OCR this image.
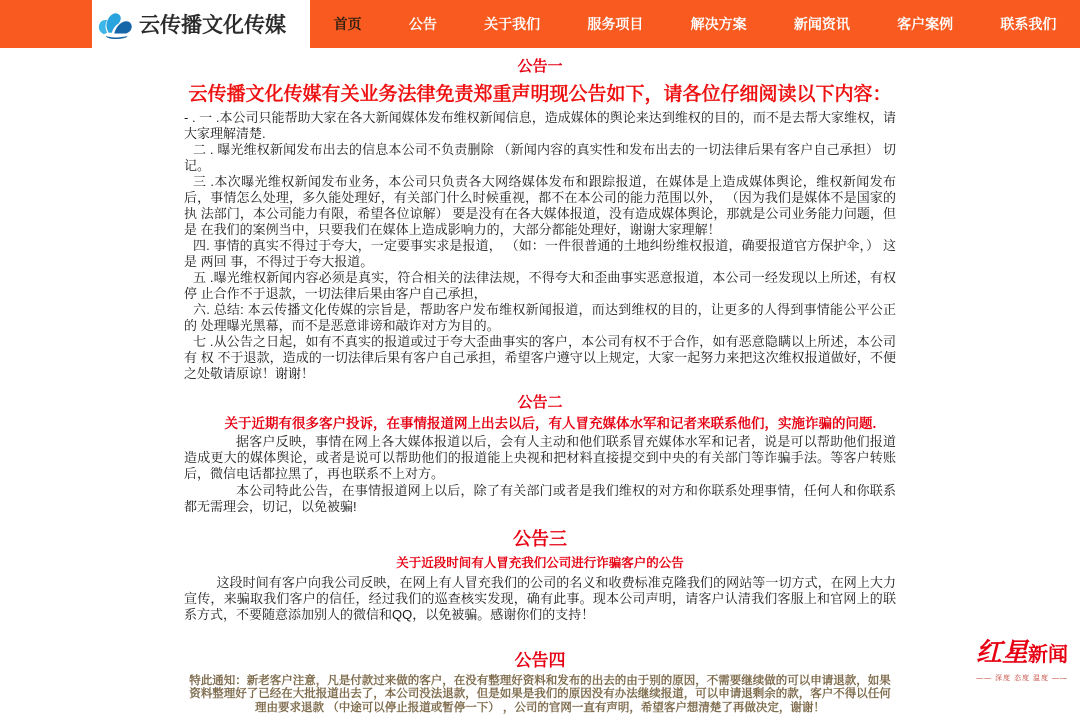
云传播文化传媒	首页	公告	关于我们	服务项目	解决方案	新闻资讯	客户案例	联系我们
公告一
云传播文化传媒有关业务法律免责郑重声明现公告如下，请各位仔细阅读以下内容：

- . 一 .本公司只能帮助大家在各大新闻媒体发布维权新闻信息，造成媒体的舆论来达到维权的目的，而不是去帮大家维权，请大家理解清楚.

二 . 曝光维权新闻发布出去的信息本公司不负责删除 （新闻内容的真实性和发布出去的一切法律后果有客户自己承担） 切记。

三 .本次曝光维权新闻发布业务，本公司只负责各大网络媒体发布和跟踪报道，在媒体是上造成媒体舆论，维权新闻发布后，事情怎么处理，多久能处理好，有关部门什么时候重视，都不在本公司的能力范围以外， （因为我们是媒体不是国家的执 法部门，本公司能力有限，希望各位谅解） 要是没有在各大媒体报道，没有造成媒体舆论，那就是公司业务能力问题，但 是 在我们的案例当中，只要我们在媒体上造成影响力的，大部分都能处理好，谢谢大家理解！

四. 事情的真实不得过于夸大，一定要事实求是报道， （如：一件很普通的土地纠纷维权报道，确要报道官方保护伞，） 这 是 两回 事，不得过于夸大报道。

五 .曝光维权新闻内容必须是真实，符合相关的法律法规，不得夸大和歪曲事实恶意报道，本公司一经发现以上所述，有权停 止合作不于退款，一切法律后果由客户自己承担，

六. 总结: 本云传播文化传媒的宗旨是，帮助客户发布维权新闻报道，而达到维权的目的，让更多的人得到事情能公平公正的 处理曝光黑幕，而不是恶意诽谤和敲诈对方为目的。

七 .从公告之日起，如有不真实的报道或过于夸大歪曲事实的客户，本公司有权不于合作，如有恶意隐瞒以上所述，本公司有 权 不于退款，造成的一切法律后果有客户自己承担，希望客户遵守以上规定，大家一起努力来把这次维权报道做好，不便 之处敬请原谅！谢谢！

公告二

关于近期有很多客户投诉，在事情报道网上出去以后，有人冒充媒体水军和记者来联系他们，实施诈骗的问题.

据客户反映，事情在网上各大媒体报道以后，会有人主动和他们联系冒充媒体水军和记者，说是可以帮助他们报道造成更大的媒体舆论，或者是说可以帮助他们的报道能上央视和把材料直接提交到中央的有关部门等诈骗手法。等客户转账后，微信电话都拉黑了，再也联系不上对方。

本公司特此公告，在事情报道网上以后，除了有关部门或者是我们维权的对方和你联系处理事情，任何人和你联系都无需理会，切记，以免被骗!

公告三
关于近段时间有人冒充我们公司进行诈骗客户的公告

这段时间有客户向我公司反映，在网上有人冒充我们的公司的名义和收费标准克隆我们的网站等一切方式，在网上大力宣传，来骗取我们客户的信任，经过我们的巡查核实发现，确有此事。现本公司声明，请客户认清我们客服上和官网上的联系方式，不要随意添加别人的微信和QQ，以免被骗。感谢你们的支持！

公告四

特此通知：新老客户注意，凡是付款过来做的客户，在没有整理好资料和发布的出去的由于别的原因，不需要继续做的可以申请退款，如果资料整理好了已经在大批报道出去了，本公司没法退款，但是如果是我们的原因没有办法继续报道，可以申请退剩余的款，客户不得以任何理由要求退款 （中途可以停止报道或暂停一下） ，公司的官网一直有声明，希望客户想清楚了再做决定，谢谢！

红星新闻
—— 深度 态度 温度 ——
